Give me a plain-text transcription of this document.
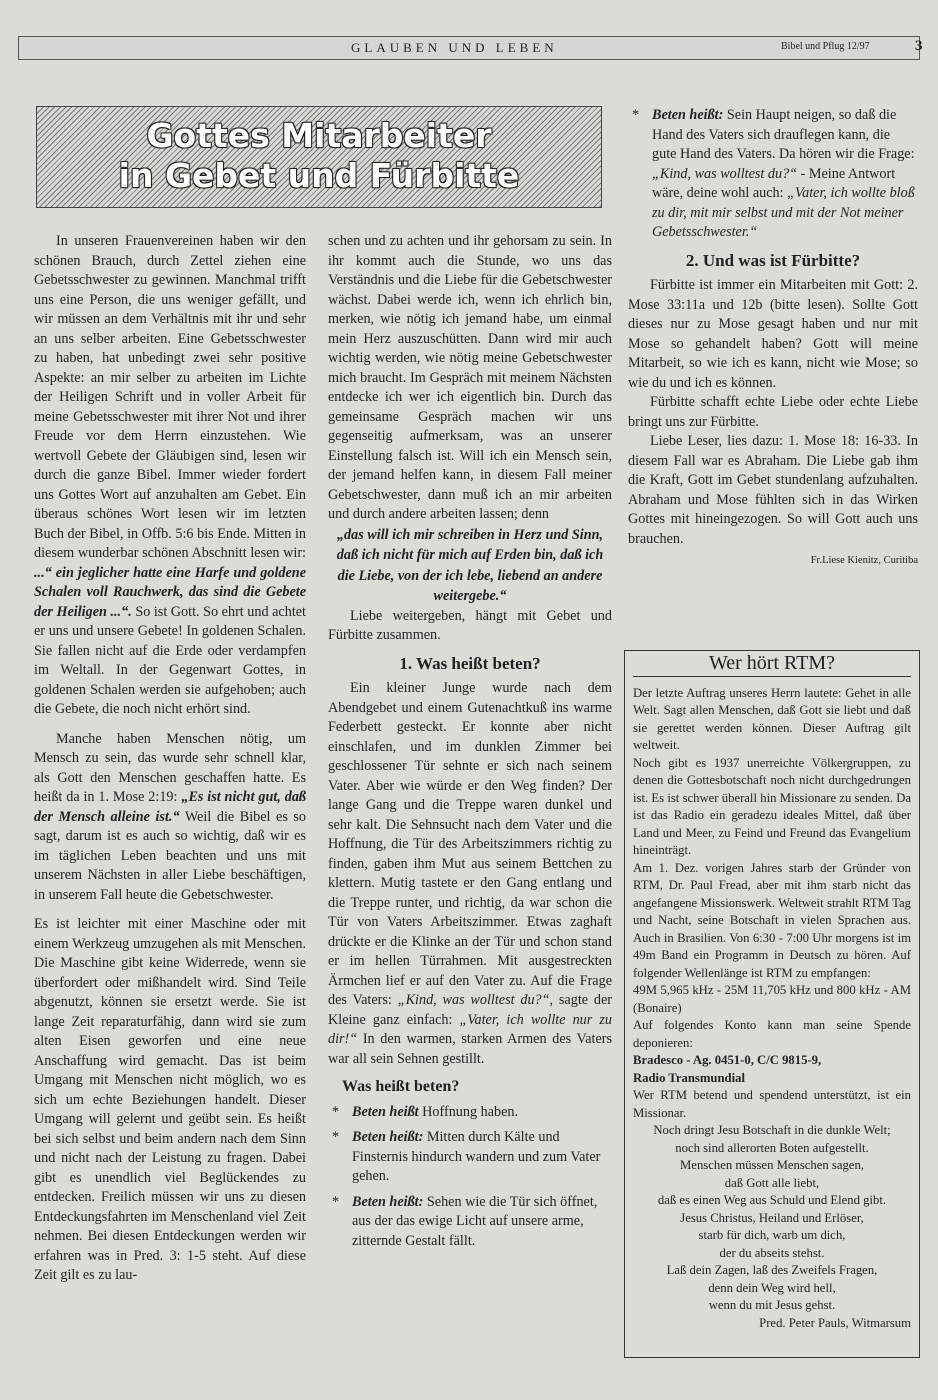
GLAUBEN UND LEBEN	Bibel und Pflug 12/97	3
Gottes Mitarbeiter
in Gebet und Fürbitte

In unseren Frauenvereinen haben wir den schönen Brauch, durch Zettel ziehen eine Gebetsschwester zu gewinnen. Manchmal trifft uns eine Person, die uns weniger gefällt, und wir müssen an dem Verhältnis mit ihr und sehr an uns selber arbeiten. Eine Gebetsschwester zu haben, hat unbedingt zwei sehr positive Aspekte: an mir selber zu arbeiten im Lichte der Heiligen Schrift und in voller Arbeit für meine Gebetsschwester mit ihrer Not und ihrer Freude vor dem Herrn einzustehen. Wie wertvoll Gebete der Gläubigen sind, lesen wir durch die ganze Bibel. Immer wieder fordert uns Gottes Wort auf anzuhalten am Gebet. Ein überaus schönes Wort lesen wir im letzten Buch der Bibel, in Offb. 5:6 bis Ende. Mitten in diesem wunderbar schönen Abschnitt lesen wir: ...“ ein jeglicher hatte eine Harfe und goldene Schalen voll Rauchwerk, das sind die Gebete der Heiligen ...“. So ist Gott. So ehrt und achtet er uns und unsere Gebete! In goldenen Schalen. Sie fallen nicht auf die Erde oder verdampfen im Weltall. In der Gegenwart Gottes, in goldenen Schalen werden sie aufgehoben; auch die Gebete, die noch nicht erhört sind.

Manche haben Menschen nötig, um Mensch zu sein, das wurde sehr schnell klar, als Gott den Menschen geschaffen hatte. Es heißt da in 1. Mose 2:19: „Es ist nicht gut, daß der Mensch alleine ist.“ Weil die Bibel es so sagt, darum ist es auch so wichtig, daß wir es im täglichen Leben beachten und uns mit unserem Nächsten in aller Liebe beschäftigen, in unserem Fall heute die Gebetschwester.

Es ist leichter mit einer Maschine oder mit einem Werkzeug umzugehen als mit Menschen. Die Maschine gibt keine Widerrede, wenn sie überfordert oder mißhandelt wird. Sind Teile abgenutzt, können sie ersetzt werde. Sie ist lange Zeit reparaturfähig, dann wird sie zum alten Eisen geworfen und eine neue Anschaffung wird gemacht. Das ist beim Umgang mit Menschen nicht möglich, wo es sich um echte Beziehungen handelt. Dieser Umgang will gelernt und geübt sein. Es heißt bei sich selbst und beim andern nach dem Sinn und nicht nach der Leistung zu fragen. Dabei gibt es unendlich viel Beglückendes zu entdecken. Freilich müssen wir uns zu diesen Entdeckungsfahrten im Menschenland viel Zeit nehmen. Bei diesen Entdeckungen werden wir erfahren was in Pred. 3: 1-5 steht. Auf diese Zeit gilt es zu lau-

schen und zu achten und ihr gehorsam zu sein. In ihr kommt auch die Stunde, wo uns das Verständnis und die Liebe für die Gebetschwester wächst. Dabei werde ich, wenn ich ehrlich bin, merken, wie nötig ich jemand habe, um einmal mein Herz auszuschütten. Dann wird mir auch wichtig werden, wie nötig meine Gebetschwester mich braucht. Im Gespräch mit meinem Nächsten entdecke ich wer ich eigentlich bin. Durch das gemeinsame Gespräch machen wir uns gegenseitig aufmerksam, was an unserer Einstellung falsch ist. Will ich ein Mensch sein, der jemand helfen kann, in diesem Fall meiner Gebetschwester, dann muß ich an mir arbeiten und durch andere arbeiten lassen; denn

„das will ich mir schreiben in Herz und Sinn, daß ich nicht für mich auf Erden bin, daß ich die Liebe, von der ich lebe, liebend an andere weitergebe.“

Liebe weitergeben, hängt mit Gebet und Fürbitte zusammen.

1. Was heißt beten?

Ein kleiner Junge wurde nach dem Abendgebet und einem Gutenachtkuß ins warme Federbett gesteckt. Er konnte aber nicht einschlafen, und im dunklen Zimmer bei geschlossener Tür sehnte er sich nach seinem Vater. Aber wie würde er den Weg finden? Der lange Gang und die Treppe waren dunkel und sehr kalt. Die Sehnsucht nach dem Vater und die Hoffnung, die Tür des Arbeitszimmers richtig zu finden, gaben ihm Mut aus seinem Bettchen zu klettern. Mutig tastete er den Gang entlang und die Treppe runter, und richtig, da war schon die Tür von Vaters Arbeitszimmer. Etwas zaghaft drückte er die Klinke an der Tür und schon stand er im hellen Türrahmen. Mit ausgestreckten Ärmchen lief er auf den Vater zu. Auf die Frage des Vaters: „Kind, was wolltest du?“, sagte der Kleine ganz einfach: „Vater, ich wollte nur zu dir!“ In den warmen, starken Armen des Vaters war all sein Sehnen gestillt.

Was heißt beten?
* Beten heißt Hoffnung haben.
* Beten heißt: Mitten durch Kälte und Finsternis hindurch wandern und zum Vater gehen.
* Beten heißt: Sehen wie die Tür sich öffnet, aus der das ewige Licht auf unsere arme, zitternde Gestalt fällt.
* Beten heißt: Sein Haupt neigen, so daß die Hand des Vaters sich drauflegen kann, die gute Hand des Vaters. Da hören wir die Frage: „Kind, was wolltest du?“ - Meine Antwort wäre, deine wohl auch: „Vater, ich wollte bloß zu dir, mit mir selbst und mit der Not meiner Gebetsschwester.“
2. Und was ist Fürbitte?

Fürbitte ist immer ein Mitarbeiten mit Gott: 2. Mose 33:11a und 12b (bitte lesen). Sollte Gott dieses nur zu Mose gesagt haben und nur mit Mose so gehandelt haben? Gott will meine Mitarbeit, so wie ich es kann, nicht wie Mose; so wie du und ich es können.

Fürbitte schafft echte Liebe oder echte Liebe bringt uns zur Fürbitte.

Liebe Leser, lies dazu: 1. Mose 18: 16-33. In diesem Fall war es Abraham. Die Liebe gab ihm die Kraft, Gott im Gebet stundenlang aufzuhalten. Abraham und Mose fühlten sich in das Wirken Gottes mit hineingezogen. So will Gott auch uns brauchen.

Fr.Liese Kienitz, Curitiba
Wer hört RTM?

Der letzte Auftrag unseres Herrn lautete: Gehet in alle Welt. Sagt allen Menschen, daß Gott sie liebt und daß sie gerettet werden können. Dieser Auftrag gilt weltweit.

Noch gibt es 1937 unerreichte Völkergruppen, zu denen die Gottesbotschaft noch nicht durchgedrungen ist. Es ist schwer überall hin Missionare zu senden. Da ist das Radio ein geradezu ideales Mittel, daß über Land und Meer, zu Feind und Freund das Evangelium hineinträgt.

Am 1. Dez. vorigen Jahres starb der Gründer von RTM, Dr. Paul Fread, aber mit ihm starb nicht das angefangene Missionswerk. Weltweit strahlt RTM Tag und Nacht, seine Botschaft in vielen Sprachen aus. Auch in Brasilien. Von 6:30 - 7:00 Uhr morgens ist im 49m Band ein Programm in Deutsch zu hören. Auf folgender Wellenlänge ist RTM zu empfangen:

49M 5,965 kHz - 25M 11,705 kHz und 800 kHz - AM (Bonaire)

Auf folgendes Konto kann man seine Spende deponieren:

Bradesco - Ag. 0451-0, C/C 9815-9,

Radio Transmundial

Wer RTM betend und spendend unterstützt, ist ein Missionar.

Noch dringt Jesu Botschaft in die dunkle Welt;
noch sind allerorten Boten aufgestellt.
Menschen müssen Menschen sagen,
daß Gott alle liebt,
daß es einen Weg aus Schuld und Elend gibt.
Jesus Christus, Heiland und Erlöser,
starb für dich, warb um dich,
der du abseits stehst.
Laß dein Zagen, laß des Zweifels Fragen,
denn dein Weg wird hell,
wenn du mit Jesus gehst.

Pred. Peter Pauls, Witmarsum
